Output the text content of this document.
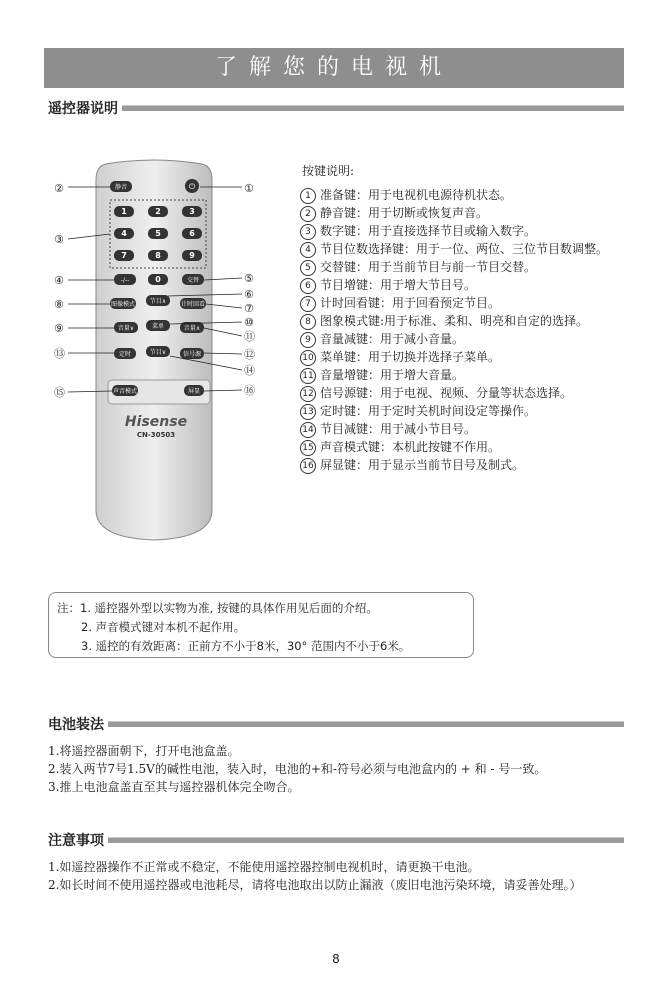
了解您的电视机
遥控器说明
静音	⏻
1	2	3
4	5	6
7	8	9
-/--	0	交替
图像模式 节目∧ 计时回看
音量∨	菜单	音量∧
定时	节目∨	信号源
声音模式	屏显
Hisense
CN-30503
②	①
③
④	⑤
⑥
⑦
⑧
⑨	⑩
⑪
⑫
⑬
⑭
⑮	⑯
按键说明:
1 准备键：用于电视机电源待机状态。
2 静音键：用于切断或恢复声音。
3 数字键：用于直接选择节目或输入数字。
4 节目位数选择键：用于一位、两位、三位节目数调整。
5 交替键：用于当前节目与前一节目交替。
6 节目增键：用于增大节目号。
7 计时回看键：用于回看预定节目。
8 图象模式键:用于标准、柔和、明亮和自定的选择。
9 音量减键：用于减小音量。
10 菜单键：用于切换并选择子菜单。
11 音量增键：用于增大音量。
12 信号源键：用于电视、视频、分量等状态选择。
13 定时键：用于定时关机时间设定等操作。
14 节目减键：用于减小节目号。
15 声音模式键：本机此按键不作用。
16 屏显键：用于显示当前节目号及制式。
注：1. 遥控器外型以实物为准, 按键的具体作用见后面的介绍。
2. 声音模式键对本机不起作用。
3. 遥控的有效距离：正前方不小于8米，30° 范围内不小于6米。
电池装法
1.将遥控器面朝下，打开电池盒盖。
2.装入两节7号1.5V的碱性电池，装入时，电池的+和-符号必须与电池盒内的 + 和 - 号一致。
3.推上电池盒盖直至其与遥控器机体完全吻合。
注意事项
1.如遥控器操作不正常或不稳定，不能使用遥控器控制电视机时，请更换干电池。
2.如长时间不使用遥控器或电池耗尽，请将电池取出以防止漏液（废旧电池污染环境，请妥善处理。）
8
